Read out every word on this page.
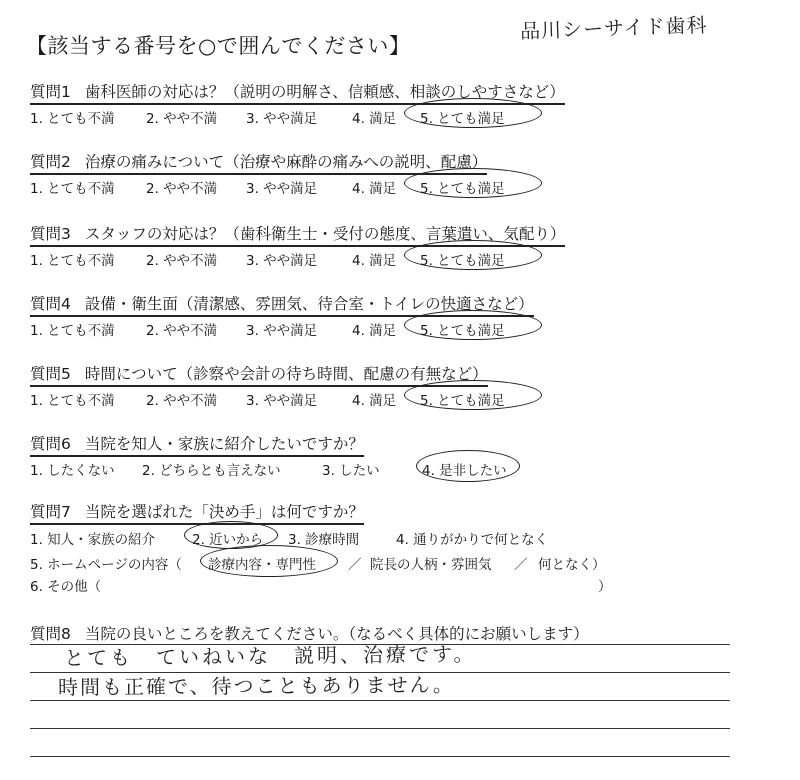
【該当する番号を○で囲んでください】
品川シーサイド歯科
質問1 歯科医師の対応は？（説明の明解さ、信頼感、相談のしやすさなど）
1. とても不満 2. やや不満 3. やや満足	4. 満足 5. とても満足
質問2 治療の痛みについて（治療や麻酔の痛みへの説明、配慮）
1. とても不満 2. やや不満 3. やや満足	4. 満足 5. とても満足
質問3 スタッフの対応は？（歯科衛生士・受付の態度、言葉遣い、気配り）
1. とても不満 2. やや不満 3. やや満足	4. 満足 5. とても満足
質問4 設備・衛生面（清潔感、雰囲気、待合室・トイレの快適さなど）
1. とても不満 2. やや不満 3. やや満足	4. 満足 5. とても満足
質問5 時間について（診察や会計の待ち時間、配慮の有無など）
1. とても不満 2. やや不満 3. やや満足	4. 満足 5. とても満足
質問6 当院を知人・家族に紹介したいですか？
1. したくない 2. どちらとも言えない	3. したい	4. 是非したい
質問7 当院を選ばれた「決め手」は何ですか？
1. 知人・家族の紹介	2. 近いから 3. 診療時間	4. 通りがかりで何となく
5. ホームページの内容（ 診療内容・専門性 ／ 院長の人柄・雰囲気 ／ 何となく）
6. その他（	）
質問8 当院の良いところを教えてください。（なるべく具体的にお願いします）
とても　ていねいな　説明、治療です。
時間も正確で、待つこともありません。
